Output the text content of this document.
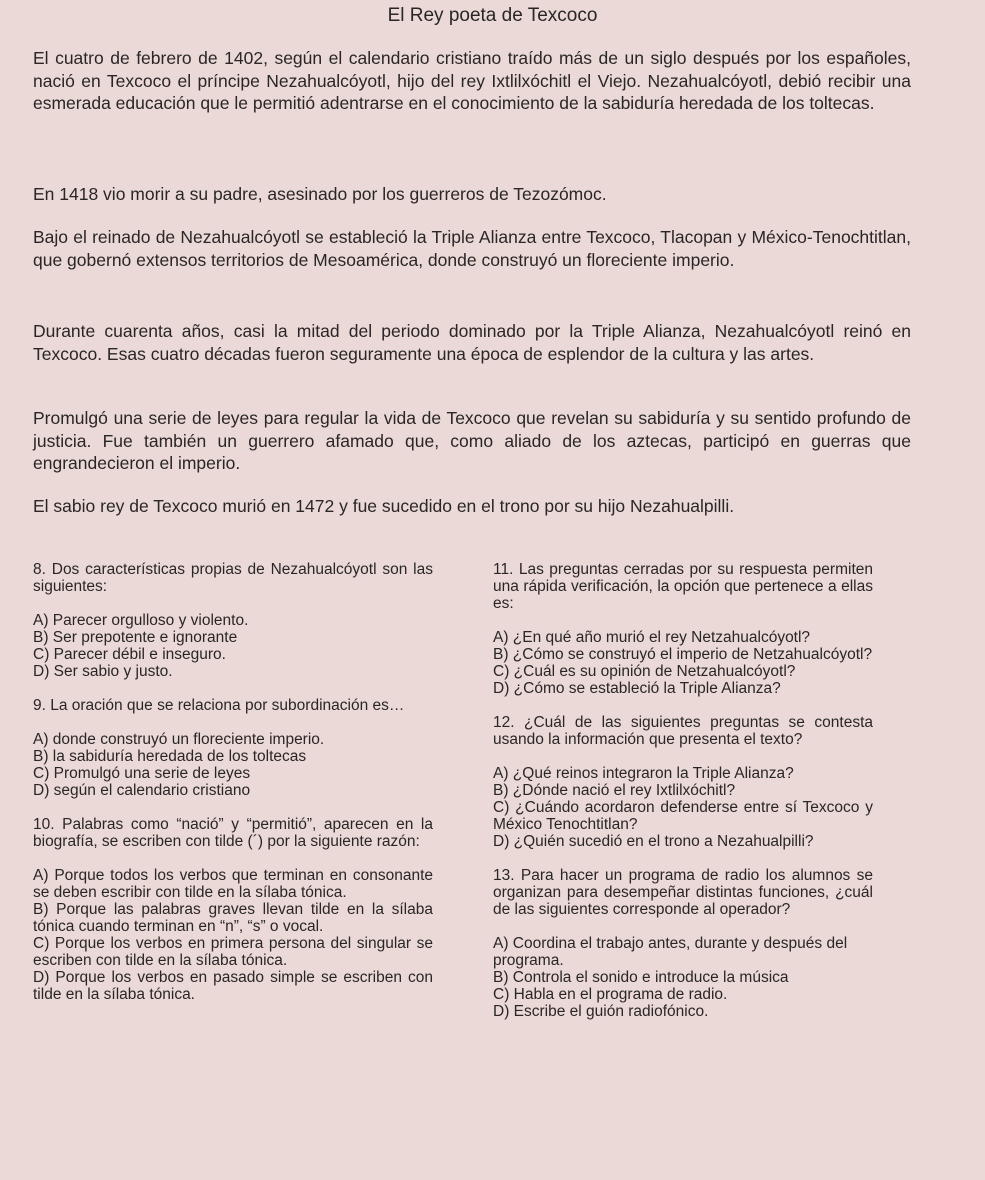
El Rey poeta de Texcoco
El cuatro de febrero de 1402, según el calendario cristiano traído más de un siglo después por los españoles, nació en Texcoco el príncipe Nezahualcóyotl, hijo del rey Ixtlilxóchitl el Viejo. Nezahualcóyotl, debió recibir una esmerada educación que le permitió adentrarse en el conocimiento de la sabiduría heredada de los toltecas.
En 1418 vio morir a su padre, asesinado por los guerreros de Tezozómoc.
Bajo el reinado de Nezahualcóyotl se estableció la Triple Alianza entre Texcoco, Tlacopan y México-Tenochtitlan, que gobernó extensos territorios de Mesoamérica, donde construyó un floreciente imperio.
Durante cuarenta años, casi la mitad del periodo dominado por la Triple Alianza, Nezahualcóyotl reinó en Texcoco. Esas cuatro décadas fueron seguramente una época de esplendor de la cultura y las artes.
Promulgó una serie de leyes para regular la vida de Texcoco que revelan su sabiduría y su sentido profundo de justicia. Fue también un guerrero afamado que, como aliado de los aztecas, participó en guerras que engrandecieron el imperio.
El sabio rey de Texcoco murió en 1472 y fue sucedido en el trono por su hijo Nezahualpilli.
8. Dos características propias de Nezahualcóyotl son las siguientes:
A) Parecer orgulloso y violento.
B) Ser prepotente e ignorante
C) Parecer débil e inseguro.
D) Ser sabio y justo.
9. La oración que se relaciona por subordinación es…
A) donde construyó un floreciente imperio.
B) la sabiduría heredada de los toltecas
C) Promulgó una serie de leyes
D) según el calendario cristiano
10. Palabras como “nació” y “permitió”, aparecen en la biografía, se escriben con tilde (´) por la siguiente razón:
A) Porque todos los verbos que terminan en consonante se deben escribir con tilde en la sílaba tónica.
B) Porque las palabras graves llevan tilde en la sílaba tónica cuando terminan en “n”, “s” o vocal.
C) Porque los verbos en primera persona del singular se escriben con tilde en la sílaba tónica.
D) Porque los verbos en pasado simple se escriben con tilde en la sílaba tónica.
11. Las preguntas cerradas por su respuesta permiten una rápida verificación, la opción que pertenece a ellas es:
A) ¿En qué año murió el rey Netzahualcóyotl?
B) ¿Cómo se construyó el imperio de Netzahualcóyotl?
C) ¿Cuál es su opinión de Netzahualcóyotl?
D) ¿Cómo se estableció la Triple Alianza?
12. ¿Cuál de las siguientes preguntas se contesta usando la información que presenta el texto?
A) ¿Qué reinos integraron la Triple Alianza?
B) ¿Dónde nació el rey Ixtlilxóchitl?
C) ¿Cuándo acordaron defenderse entre sí Texcoco y México Tenochtitlan?
D) ¿Quién sucedió en el trono a Nezahualpilli?
13. Para hacer un programa de radio los alumnos se organizan para desempeñar distintas funciones, ¿cuál de las siguientes corresponde al operador?
A) Coordina el trabajo antes, durante y después del programa.
B) Controla el sonido e introduce la música
C) Habla en el programa de radio.
D) Escribe el guión radiofónico.
